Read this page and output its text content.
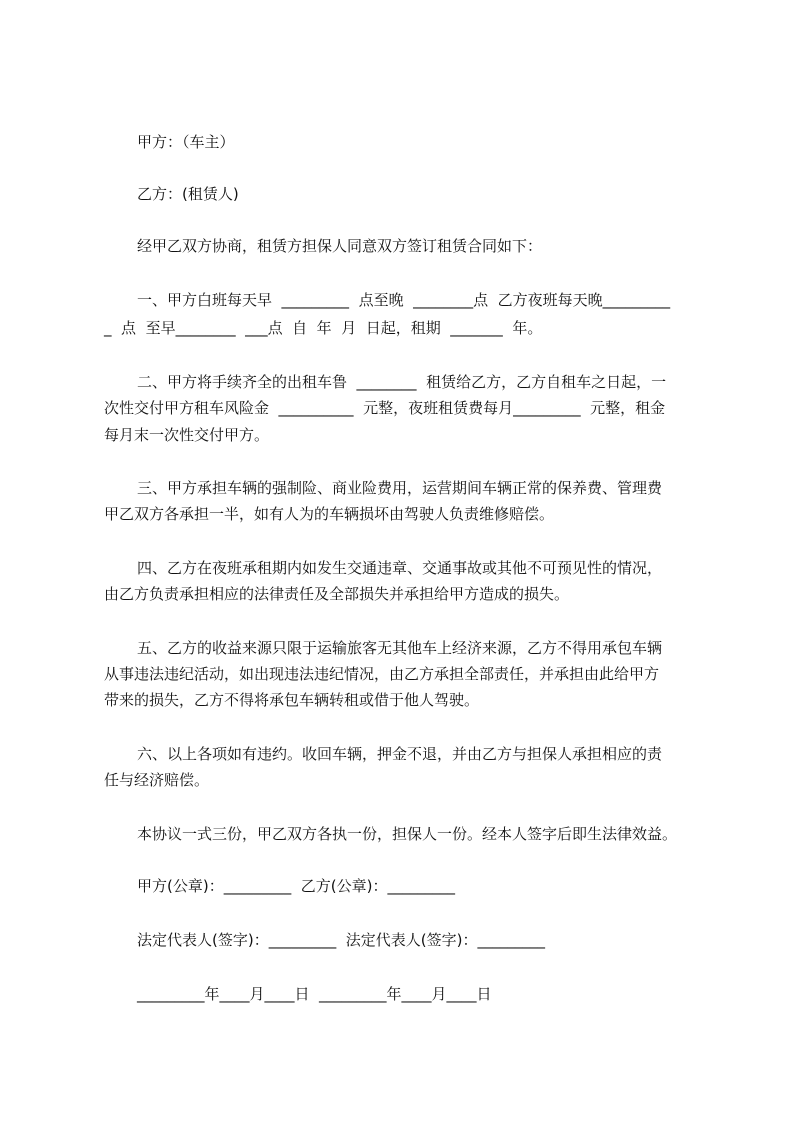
甲方：（车主）

乙方：(租赁人)

经甲乙双方协商，租赁方担保人同意双方签订租赁合同如下：

一、甲方白班每天早  _________  点至晚  ________点  乙方夜班每天晚_________

_  点  至早________  ___点  自  年  月  日起，租期  _______  年。

二、甲方将手续齐全的出租车鲁  ________  租赁给乙方，乙方自租车之日起，一

次性交付甲方租车风险金  __________  元整，夜班租赁费每月_________  元整，租金

每月末一次性交付甲方。

三、甲方承担车辆的强制险、商业险费用，运营期间车辆正常的保养费、管理费

甲乙双方各承担一半，如有人为的车辆损坏由驾驶人负责维修赔偿。

四、乙方在夜班承租期内如发生交通违章、交通事故或其他不可预见性的情况，

由乙方负责承担相应的法律责任及全部损失并承担给甲方造成的损失。

五、乙方的收益来源只限于运输旅客无其他车上经济来源，乙方不得用承包车辆

从事违法违纪活动，如出现违法违纪情况，由乙方承担全部责任，并承担由此给甲方

带来的损失，乙方不得将承包车辆转租或借于他人驾驶。

六、以上各项如有违约。收回车辆，押金不退，并由乙方与担保人承担相应的责

任与经济赔偿。

本协议一式三份，甲乙双方各执一份，担保人一份。经本人签字后即生法律效益。

甲方(公章)：_________  乙方(公章)：_________

法定代表人(签字)：_________  法定代表人(签字)：_________

_________年____月____日  _________年____月____日
